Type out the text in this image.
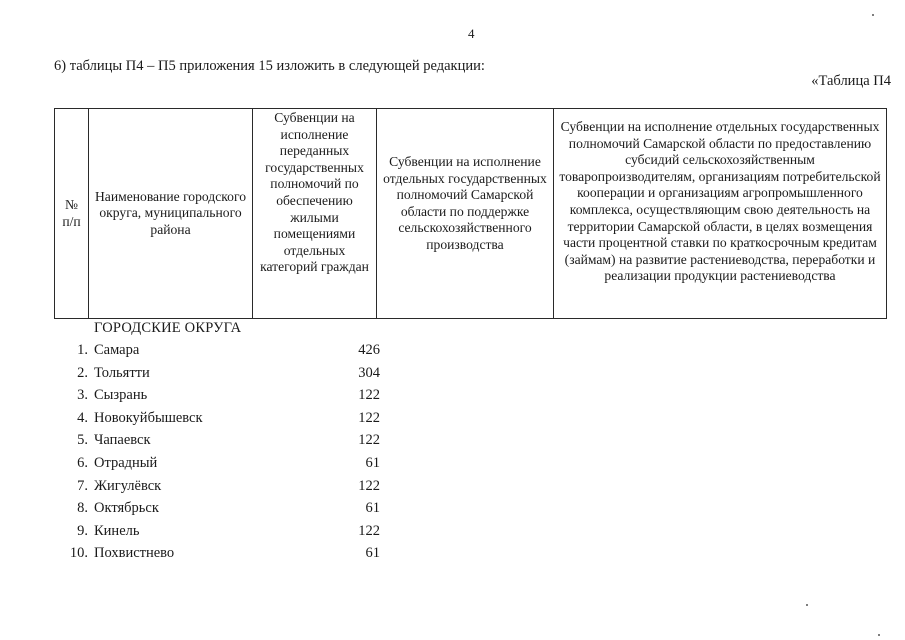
4
6) таблицы П4 – П5 приложения 15 изложить в следующей редакции:
«Таблица П4
№ п/п	Наименование городского округа, муниципального района	Субвенции на исполнение переданных государственных полномочий по обеспечению жилыми помещениями отдельных категорий граждан	Субвенции на исполнение отдельных государственных полномочий Самарской области по поддержке сельскохозяйственного производства	Субвенции на исполнение отдельных государственных полномочий Самарской области по предоставлению субсидий сельскохозяйственным товаропроизводителям, организациям потребительской кооперации и организациям агропромышленного комплекса, осуществляющим свою деятельность на территории Самарской области, в целях возмещения части процентной ставки по краткосрочным кредитам (займам) на развитие растениеводства, переработки и реализации продукции растениеводства
ГОРОДСКИЕ ОКРУГА
1. Самара	426
2. Тольятти	304
3. Сызрань	122
4. Новокуйбышевск	122
5. Чапаевск	122
6. Отрадный	61
7. Жигулёвск	122
8. Октябрьск	61
9. Кинель	122
10. Похвистнево	61
